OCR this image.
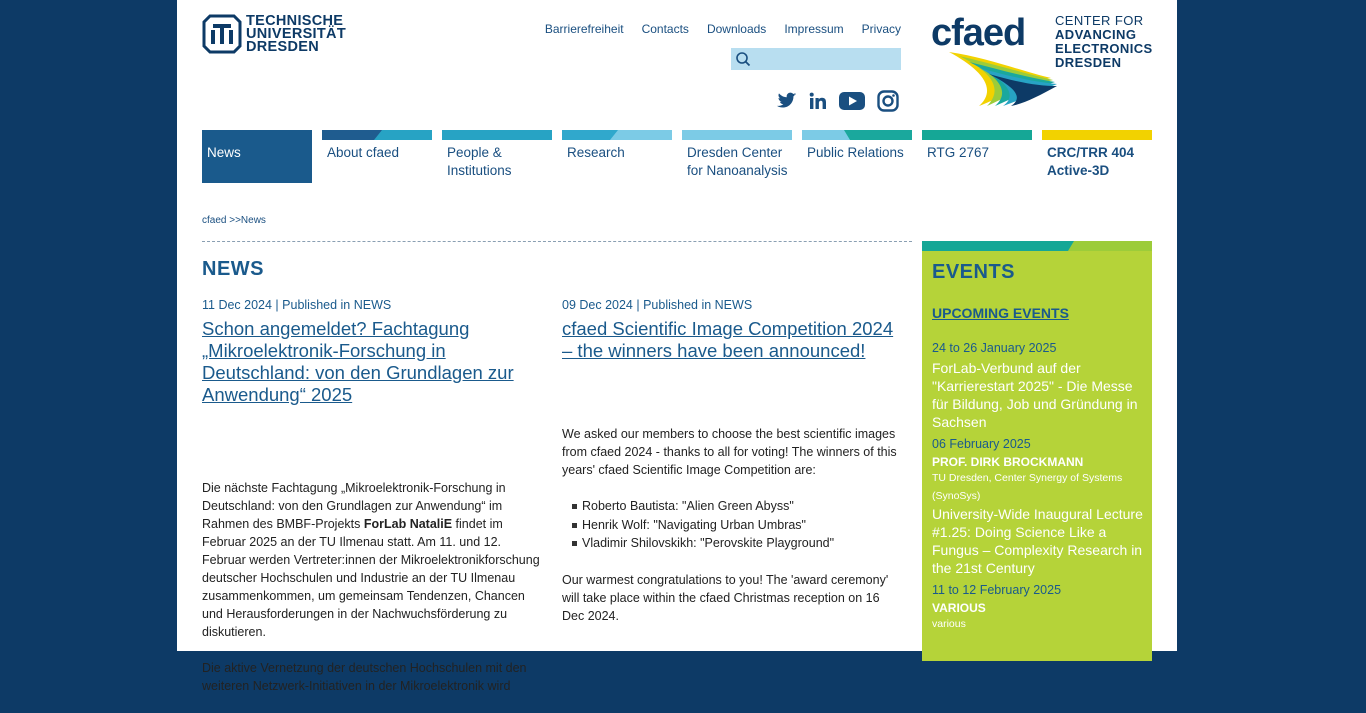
TECHNISCHE
UNIVERSITÄT
DRESDEN
Barrierefreiheit Contacts Downloads Impressum Privacy cfaed CENTER FOR
ADVANCING
ELECTRONICS
DRESDEN
News	About cfaed	People & Institutions
Research	Dresden Center for Nanoanalysis
Public Relations RTG 2767	CRC/TRR 404 Active-3D
cfaed >>News
NEWS
11 Dec 2024 | Published in NEWS
Schon angemeldet? Fachtagung „Mikroelektronik-Forschung in Deutschland: von den Grundlagen zur Anwendung“ 2025

Die nächste Fachtagung „Mikroelektronik-Forschung in Deutschland: von den Grundlagen zur Anwendung“ im Rahmen des BMBF-Projekts ForLab NataliE findet im Februar 2025 an der TU Ilmenau statt. Am 11. und 12. Februar werden Vertreter:innen der Mikroelektronikforschung deutscher Hochschulen und Industrie an der TU Ilmenau zusammenkommen, um gemeinsam Tendenzen, Chancen und Herausforderungen in der Nachwuchsförderung zu diskutieren.

Die aktive Vernetzung der deutschen Hochschulen mit den weiteren Netzwerk-Initiativen in der Mikroelektronik wird

09 Dec 2024 | Published in NEWS
cfaed Scientific Image Competition 2024 – the winners have been announced!

We asked our members to choose the best scientific images from cfaed 2024 - thanks to all for voting! The winners of this years' cfaed Scientific Image Competition are:

Roberto Bautista: "Alien Green Abyss"
Henrik Wolf: "Navigating Urban Umbras"
Vladimir Shilovskikh: "Perovskite Playground"

Our warmest congratulations to you! The 'award ceremony' will take place within the cfaed Christmas reception on 16 Dec 2024.

EVENTS
UPCOMING EVENTS
24 to 26 January 2025
ForLab-Verbund auf der "Karrierestart 2025" - Die Messe für Bildung, Job und Gründung in Sachsen
06 February 2025
PROF. DIRK BROCKMANN
TU Dresden, Center Synergy of Systems (SynoSys)
University-Wide Inaugural Lecture #1.25: Doing Science Like a Fungus – Complexity Research in the 21st Century
11 to 12 February 2025
VARIOUS
various
